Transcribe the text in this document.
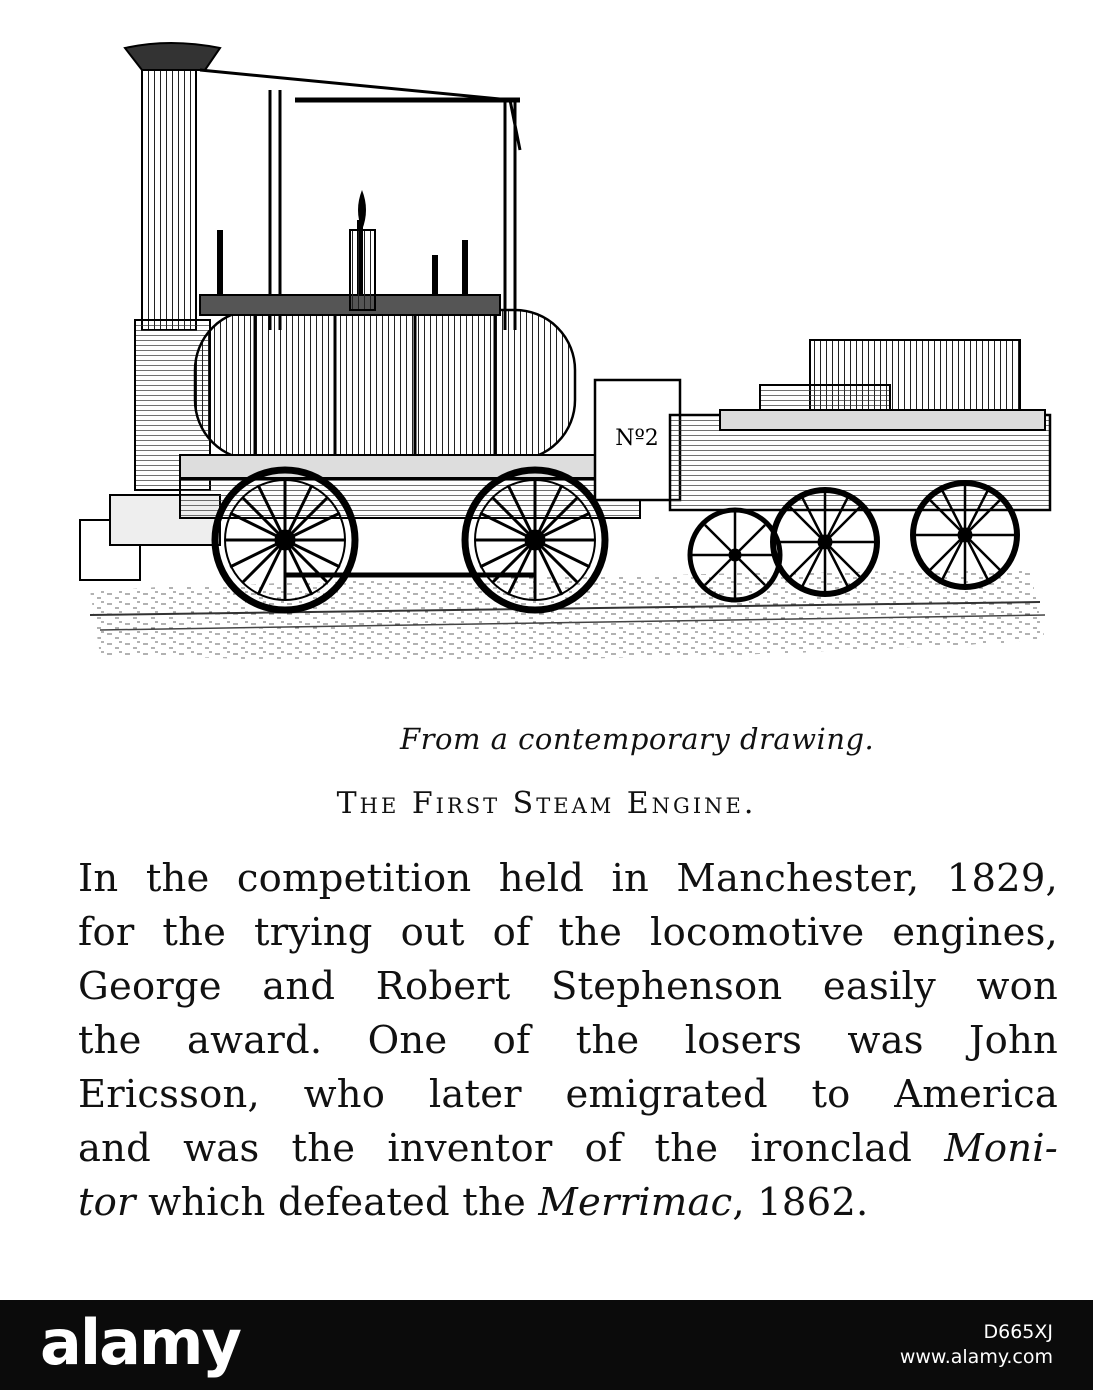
Nº2
From a contemporary drawing.
The First Steam Engine.
In the competition held in Manchester, 1829,
for the trying out of the locomotive engines,
George and Robert Stephenson easily won
the award. One of the losers was John
Ericsson, who later emigrated to America
and was the inventor of the ironclad Moni-
tor which defeated the Merrimac, 1862.
alamy	D665XJ
www.alamy.com
